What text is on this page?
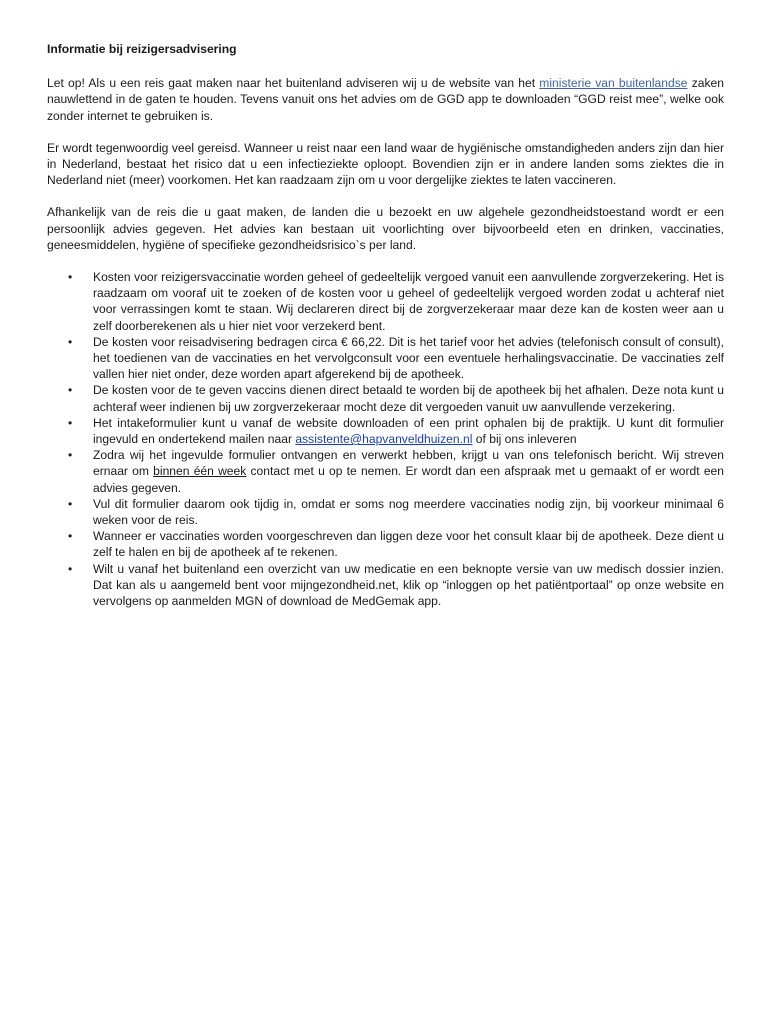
Informatie bij reizigersadvisering

Let op! Als u een reis gaat maken naar het buitenland adviseren wij u de website van het ministerie van buitenlandse zaken nauwlettend in de gaten te houden. Tevens vanuit ons het advies om de GGD app te downloaden “GGD reist mee”, welke ook zonder internet te gebruiken is.

Er wordt tegenwoordig veel gereisd. Wanneer u reist naar een land waar de hygiënische omstandigheden anders zijn dan hier in Nederland, bestaat het risico dat u een infectieziekte oploopt. Bovendien zijn er in andere landen soms ziektes die in Nederland niet (meer) voorkomen. Het kan raadzaam zijn om u voor dergelijke ziektes te laten vaccineren.

Afhankelijk van de reis die u gaat maken, de landen die u bezoekt en uw algehele gezondheidstoestand wordt er een persoonlijk advies gegeven. Het advies kan bestaan uit voorlichting over bijvoorbeeld eten en drinken, vaccinaties, geneesmiddelen, hygiëne of specifieke gezondheidsrisico`s per land.

• Kosten voor reizigersvaccinatie worden geheel of gedeeltelijk vergoed vanuit een aanvullende zorgverzekering. Het is raadzaam om vooraf uit te zoeken of de kosten voor u geheel of gedeeltelijk vergoed worden zodat u achteraf niet voor verrassingen komt te staan. Wij declareren direct bij de zorgverzekeraar maar deze kan de kosten weer aan u zelf doorberekenen als u hier niet voor verzekerd bent.
• De kosten voor reisadvisering bedragen circa € 66,22. Dit is het tarief voor het advies (telefonisch consult of consult), het toedienen van de vaccinaties en het vervolgconsult voor een eventuele herhalingsvaccinatie. De vaccinaties zelf vallen hier niet onder, deze worden apart afgerekend bij de apotheek.
• De kosten voor de te geven vaccins dienen direct betaald te worden bij de apotheek bij het afhalen. Deze nota kunt u achteraf weer indienen bij uw zorgverzekeraar mocht deze dit vergoeden vanuit uw aanvullende verzekering.
• Het intakeformulier kunt u vanaf de website downloaden of een print ophalen bij de praktijk. U kunt dit formulier ingevuld en ondertekend mailen naar assistente@hapvanveldhuizen.nl of bij ons inleveren
• Zodra wij het ingevulde formulier ontvangen en verwerkt hebben, krijgt u van ons telefonisch bericht. Wij streven ernaar om binnen één week contact met u op te nemen. Er wordt dan een afspraak met u gemaakt of er wordt een advies gegeven.
• Vul dit formulier daarom ook tijdig in, omdat er soms nog meerdere vaccinaties nodig zijn, bij voorkeur minimaal 6 weken voor de reis.
• Wanneer er vaccinaties worden voorgeschreven dan liggen deze voor het consult klaar bij de apotheek. Deze dient u zelf te halen en bij de apotheek af te rekenen.
• Wilt u vanaf het buitenland een overzicht van uw medicatie en een beknopte versie van uw medisch dossier inzien. Dat kan als u aangemeld bent voor mijngezondheid.net, klik op “inloggen op het patiëntportaal” op onze website en vervolgens op aanmelden MGN of download de MedGemak app.
